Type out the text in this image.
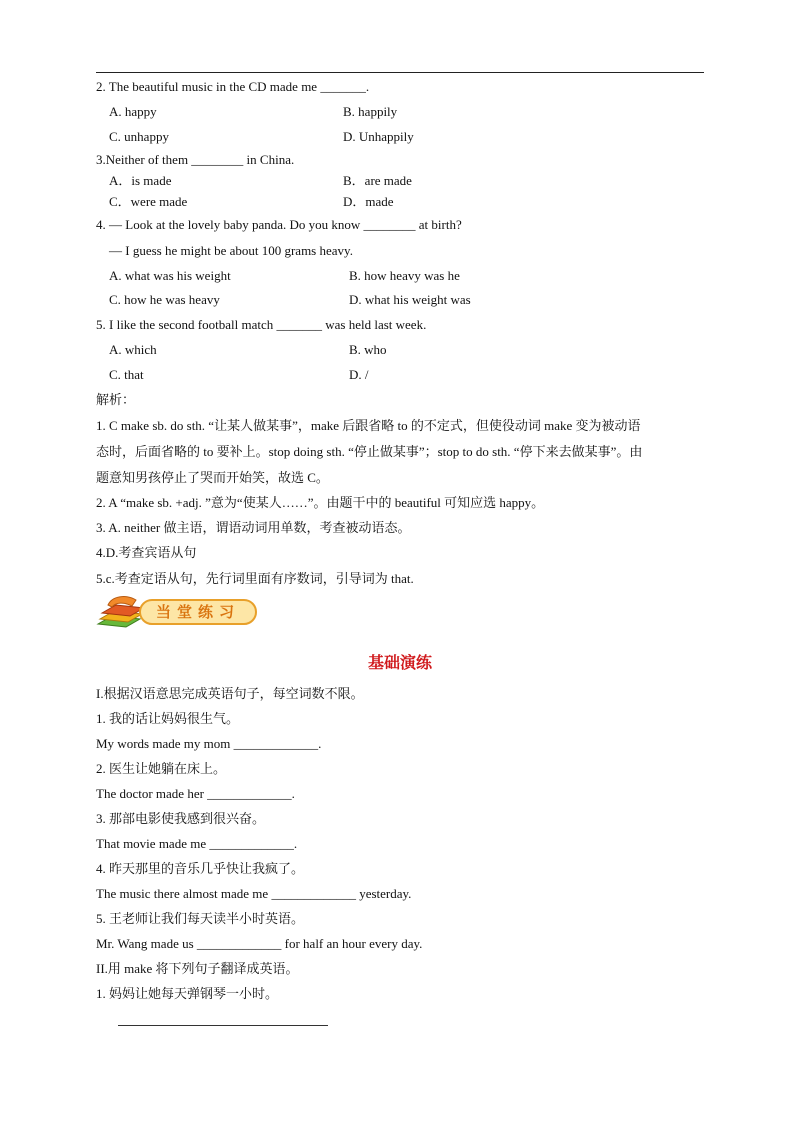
2. The beautiful music in the CD made me _______.
A. happy	B. happily
C. unhappy	D. Unhappily
3.Neither of them ________ in China.
A．is made	B．are made
C．were made	D．made
4. — Look at the lovely baby panda. Do you know ________ at birth?
— I guess he might be about 100 grams heavy.
A. what was his weight	B. how heavy was he
C. how he was heavy	D. what his weight was
5. I like the second football match _______ was held last week.
A. which	B. who
C. that	D. /
解析：
1. C make sb. do sth. “让某人做某事”，make 后跟省略 to 的不定式，但使役动词 make 变为被动语
态时，后面省略的 to 要补上。stop doing sth. “停止做某事”；stop to do sth. “停下来去做某事”。由
题意知男孩停止了哭而开始笑，故选 C。
2. A “make sb. +adj. ”意为“使某人……”。由题干中的 beautiful 可知应选 happy。
3. A. neither 做主语，谓语动词用单数，考查被动语态。
4.D.考查宾语从句
5.c.考查定语从句，先行词里面有序数词，引导词为 that.
当堂练习
基础演练
I.根据汉语意思完成英语句子，每空词数不限。
1. 我的话让妈妈很生气。
My words made my mom _____________.
2. 医生让她躺在床上。
The doctor made her _____________.
3. 那部电影使我感到很兴奋。
That movie made me _____________.
4. 昨天那里的音乐几乎快让我疯了。
The music there almost made me _____________ yesterday.
5. 王老师让我们每天读半小时英语。
Mr. Wang made us _____________ for half an hour every day.
II.用 make 将下列句子翻译成英语。
1. 妈妈让她每天弹钢琴一小时。
